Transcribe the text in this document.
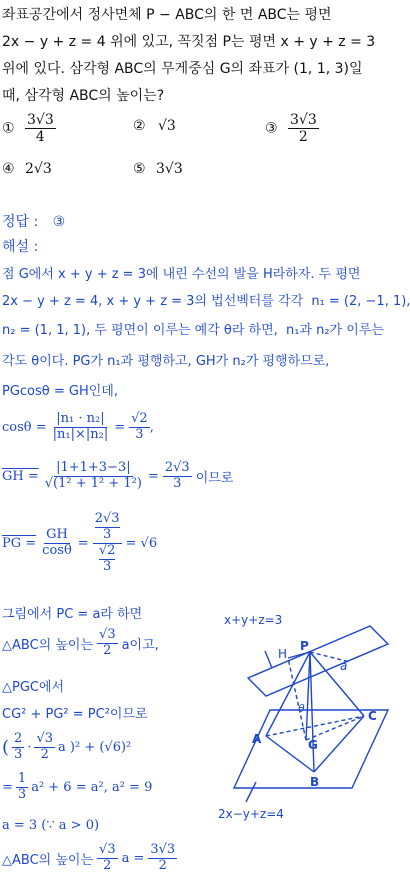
좌표공간에서 정사면체 P − ABC의 한 면 ABC는 평면
2x − y + z = 4 위에 있고, 꼭짓점 P는 평면 x + y + z = 3
위에 있다. 삼각형 ABC의 무게중심 G의 좌표가 (1, 1, 3)일
때, 삼각형 ABC의 높이는?
① $\frac{3√3}{4}$	② √3	③ $\frac{3√3}{2}$
④ 2√3	⑤ 3√3
정답 : ③
해설 :
점 G에서 x + y + z = 3에 내린 수선의 발을 H라하자. 두 평면
2x − y + z = 4, x + y + z = 3의 법선벡터를 각각 n₁ = (2, −1, 1),
n₂ = (1, 1, 1), 두 평면이 이루는 예각 θ라 하면, n₁과 n₂가 이루는
각도 θ이다. PG가 n₁과 평행하고, GH가 n₂가 평행하므로,
PGcosθ = GH인데,
$\cos\theta = \frac{\text{|n₁ · n₂|}}{\text{|n₁|×|n₂|}} = \frac{√2}{3}$ ,
GH = $\frac{|1+1+3-3|}{\text{√(1² + 1² + 1²)}} = \frac{2√3}{3}$ 이므로
PG = $\frac{GH}{\cos\theta} = 2√3$
3
√2
3 = √6
그림에서 PC = a라 하면
△ABC의 높이는 $\frac{√3}{2}$ a이고,
△PGC에서
CG² + PG² = PC²이므로
( $\frac{2}{3} \cdot \frac{√3}{2}$ a )² + (√6)²
= $\frac{1}{3} a^2 + 6 = a^2$, a² = 9
a = 3 (∵ a > 0)
△ABC의 높이는 $\frac{√3}{2}$ $a = \frac{3√3}{2}$
x+y+z=3
P
H
a
A
B
C
G
θ
2x−y+z=4
